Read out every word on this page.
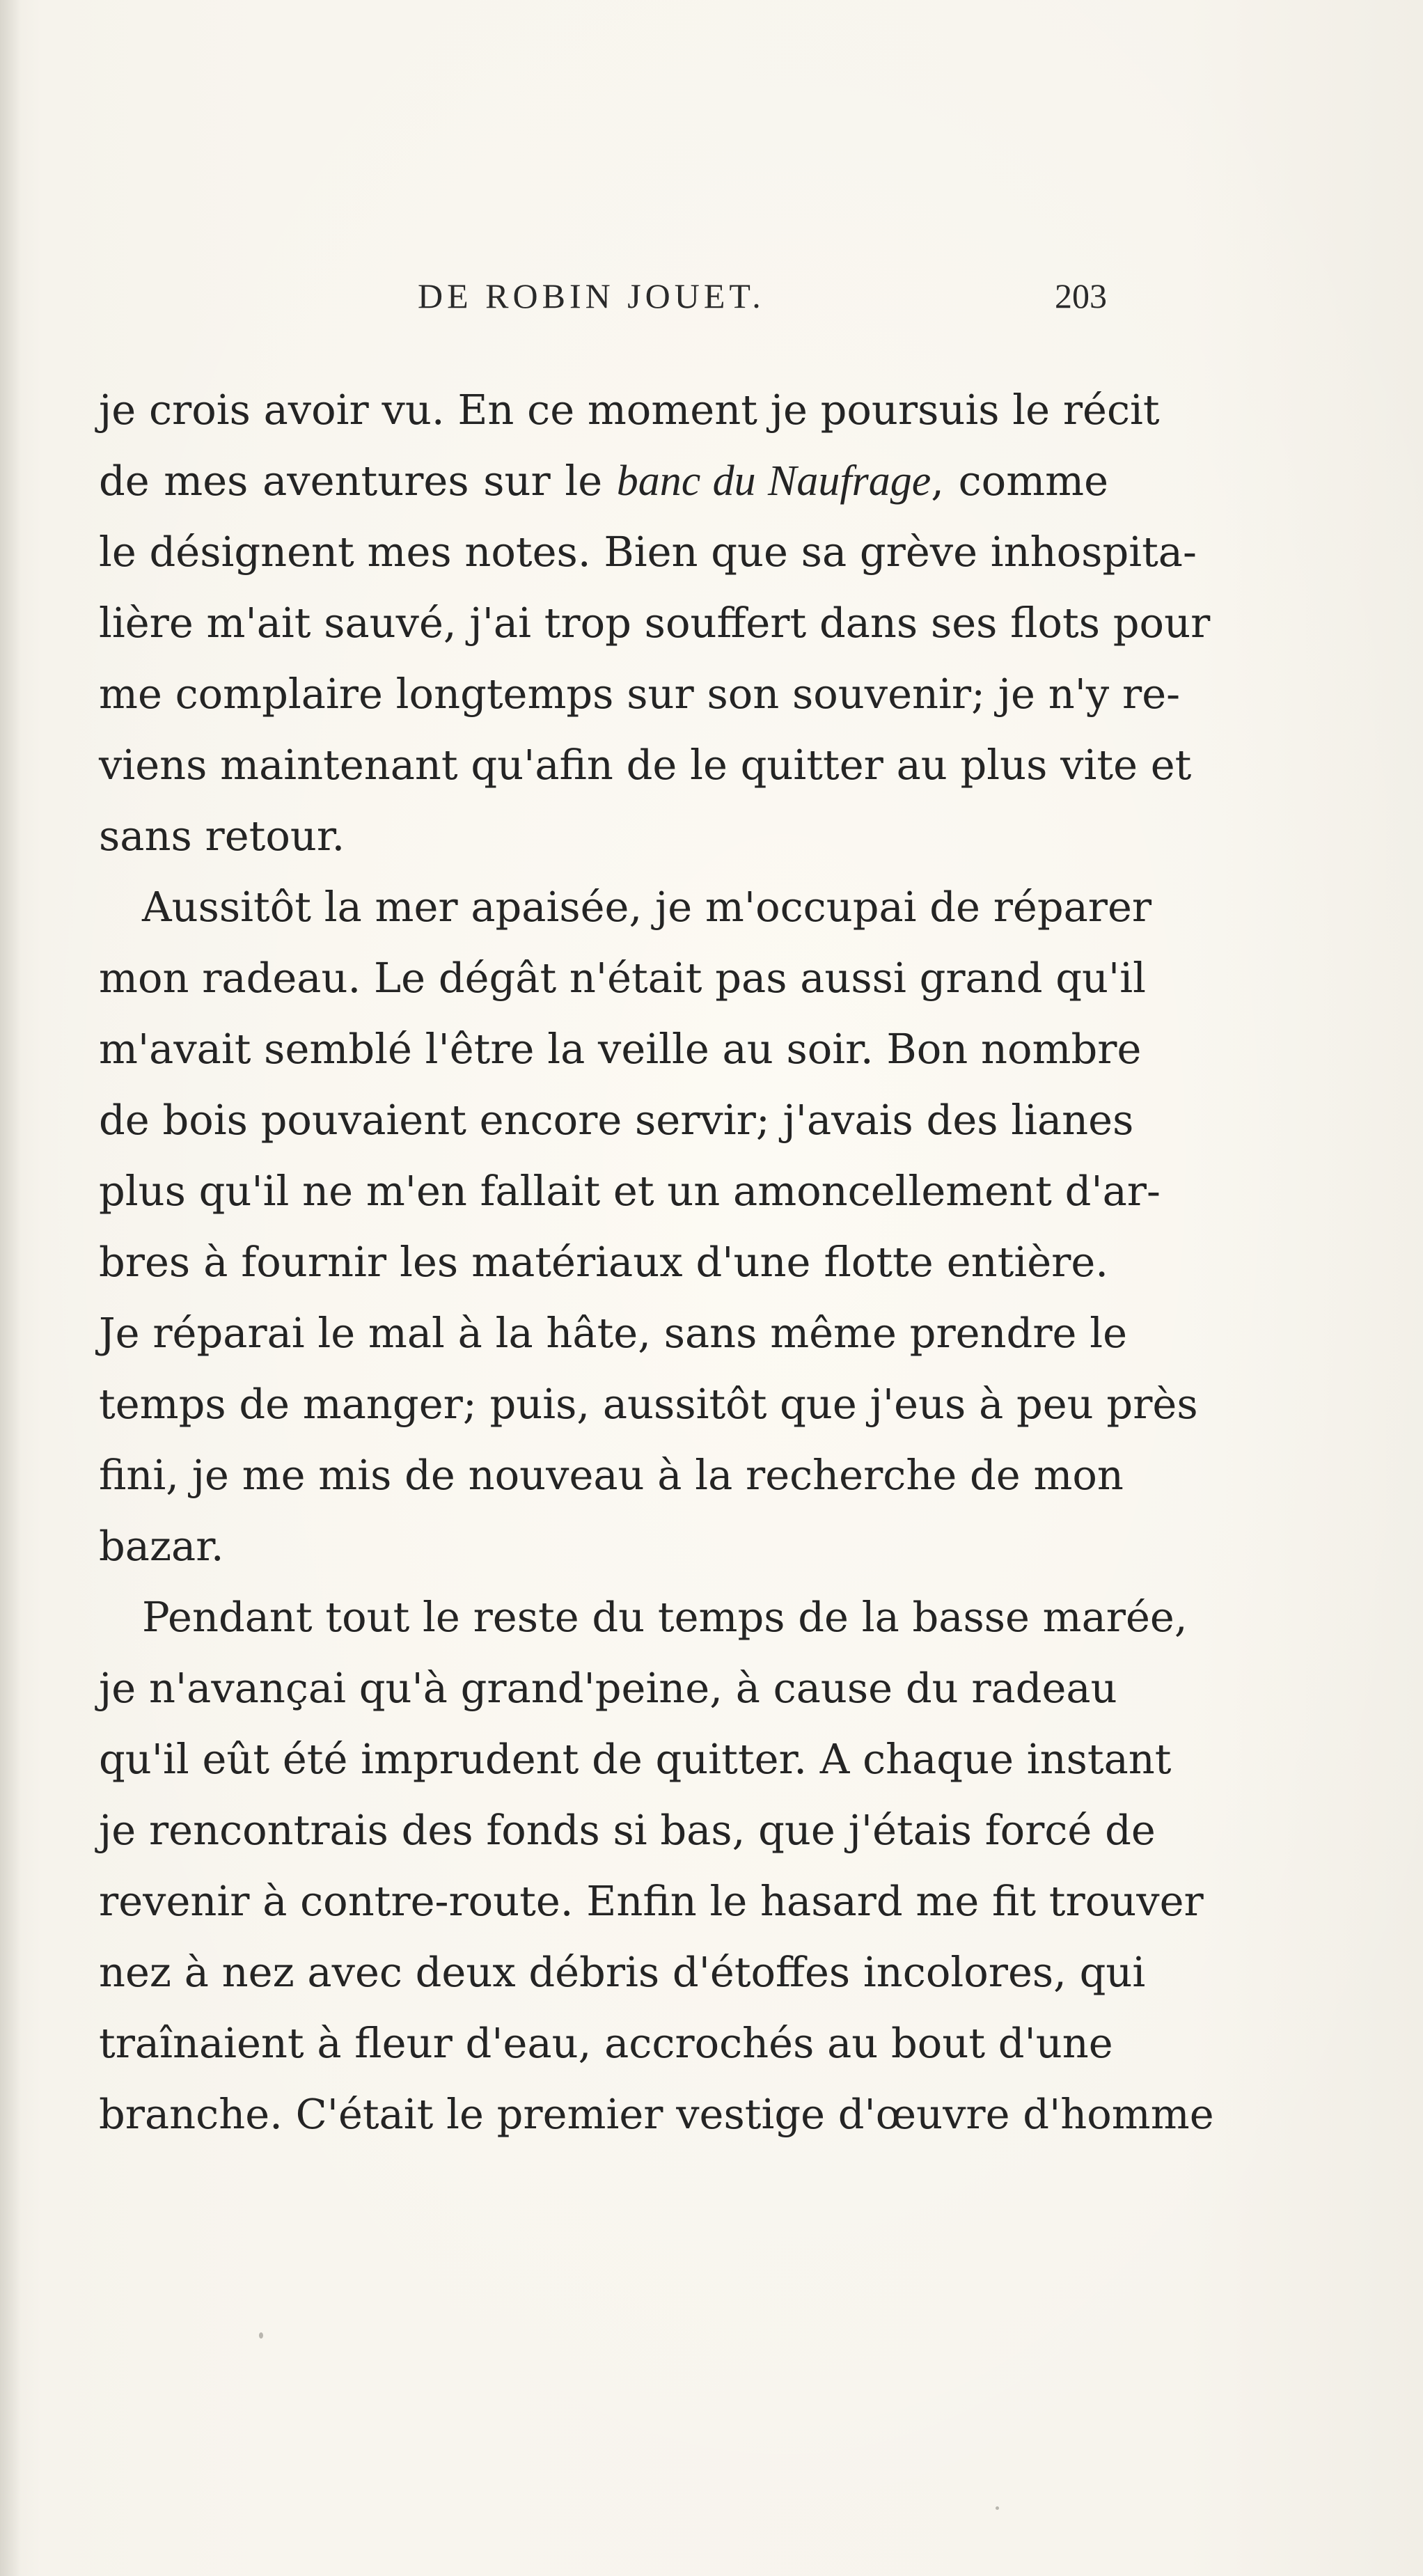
DE ROBIN JOUET.	203

je crois avoir vu. En ce moment je poursuis le récit
de mes aventures sur le banc du Naufrage, comme
le désignent mes notes. Bien que sa grève inhospita-
lière m'ait sauvé, j'ai trop souffert dans ses flots pour
me complaire longtemps sur son souvenir; je n'y re-
viens maintenant qu'afin de le quitter au plus vite et
sans retour.

Aussitôt la mer apaisée, je m'occupai de réparer
mon radeau. Le dégât n'était pas aussi grand qu'il
m'avait semblé l'être la veille au soir. Bon nombre
de bois pouvaient encore servir; j'avais des lianes
plus qu'il ne m'en fallait et un amoncellement d'ar-
bres à fournir les matériaux d'une flotte entière.
Je réparai le mal à la hâte, sans même prendre le
temps de manger; puis, aussitôt que j'eus à peu près
fini, je me mis de nouveau à la recherche de mon
bazar.

Pendant tout le reste du temps de la basse marée,
je n'avançai qu'à grand'peine, à cause du radeau
qu'il eût été imprudent de quitter. A chaque instant
je rencontrais des fonds si bas, que j'étais forcé de
revenir à contre-route. Enfin le hasard me fit trouver
nez à nez avec deux débris d'étoffes incolores, qui
traînaient à fleur d'eau, accrochés au bout d'une
branche. C'était le premier vestige d'œuvre d'homme
